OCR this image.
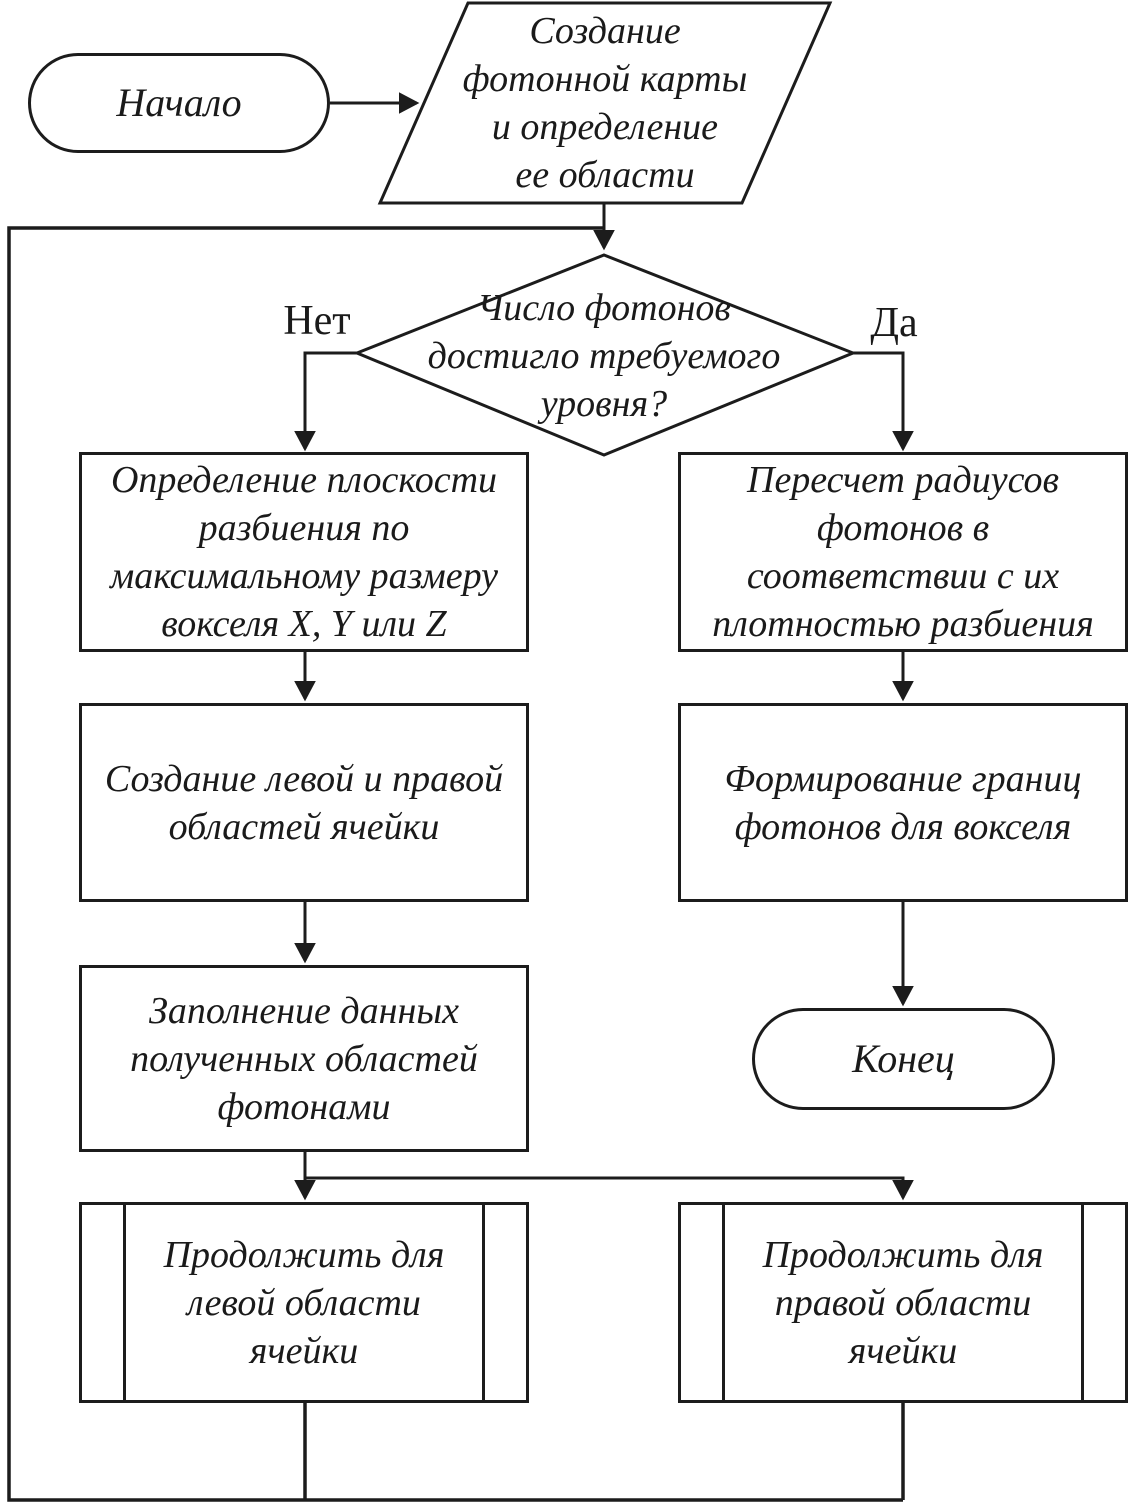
Начало
Создание
фотонной карты
и определение
ее области
Число фотонов
достигло требуемого
уровня?
Нет	Да
Определение плоскости
разбиения по
максимальному размеру
вокселя X, Y или Z
Пересчет радиусов
фотонов в
соответствии с их
плотностью разбиения
Создание левой и правой
областей ячейки
Формирование границ
фотонов для вокселя
Заполнение данных
полученных областей
фотонами
Конец
Продолжить для
левой области
ячейки
Продолжить для
правой области
ячейки
